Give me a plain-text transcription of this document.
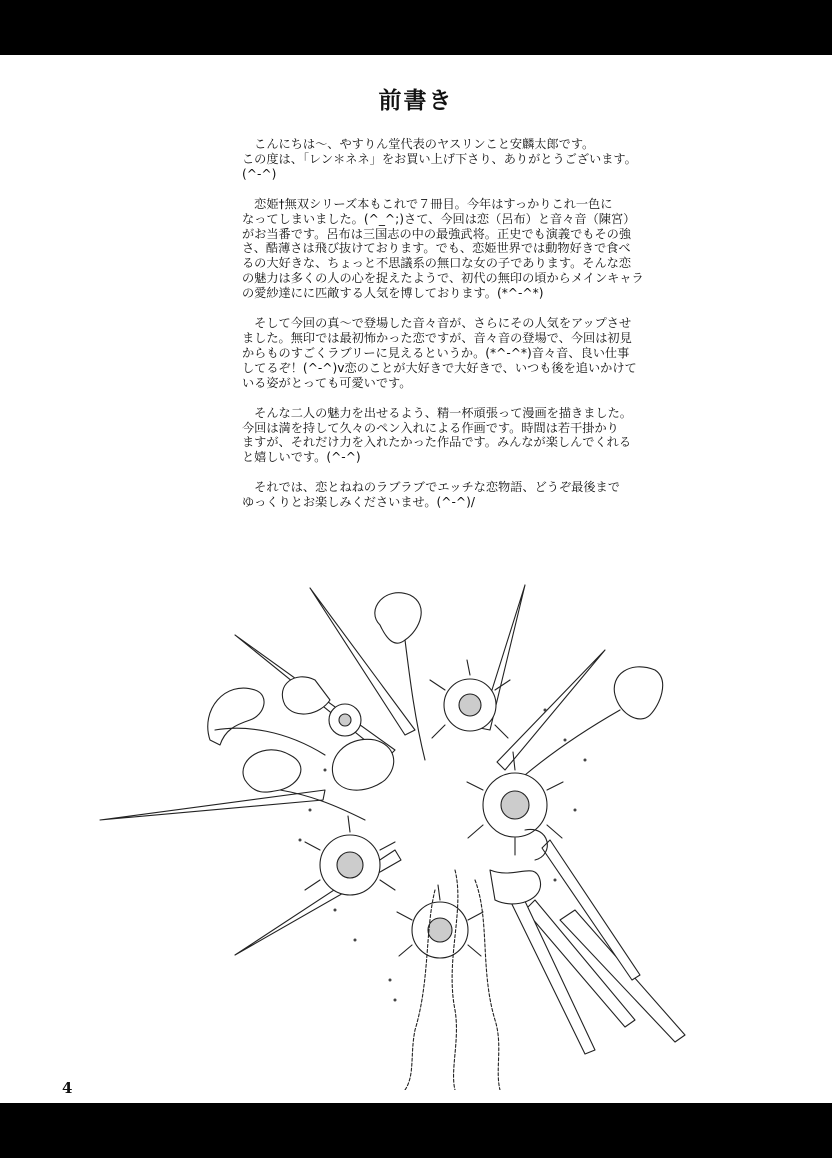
前書き
　こんにちは～、やすりん堂代表のヤスリンこと安麟太郎です。
この度は、「レン＊ネネ」をお買い上げ下さり、ありがとうございます。
(^-^)
　恋姫†無双シリーズ本もこれで７冊目。今年はすっかりこれ一色に
なってしまいました。(^_^;)さて、今回は恋（呂布）と音々音（陳宮）
がお当番です。呂布は三国志の中の最強武将。正史でも演義でもその強
さ、酷薄さは飛び抜けております。でも、恋姫世界では動物好きで食べ
るの大好きな、ちょっと不思議系の無口な女の子であります。そんな恋
の魅力は多くの人の心を捉えたようで、初代の無印の頃からメインキャラ
の愛紗達にに匹敵する人気を博しております。(*^-^*)
　そして今回の真～で登場した音々音が、さらにその人気をアップさせ
ました。無印では最初怖かった恋ですが、音々音の登場で、今回は初見
からものすごくラブリーに見えるというか。(*^-^*)音々音、良い仕事
してるぞ！(^-^)v恋のことが大好きで大好きで、いつも後を追いかけて
いる姿がとっても可愛いです。
　そんな二人の魅力を出せるよう、精一杯頑張って漫画を描きました。
今回は満を持して久々のペン入れによる作画です。時間は若干掛かり
ますが、それだけ力を入れたかった作品です。みんなが楽しんでくれる
と嬉しいです。(^-^)
　それでは、恋とねねのラブラブでエッチな恋物語、どうぞ最後まで
ゆっくりとお楽しみくださいませ。(^-^)/
4
